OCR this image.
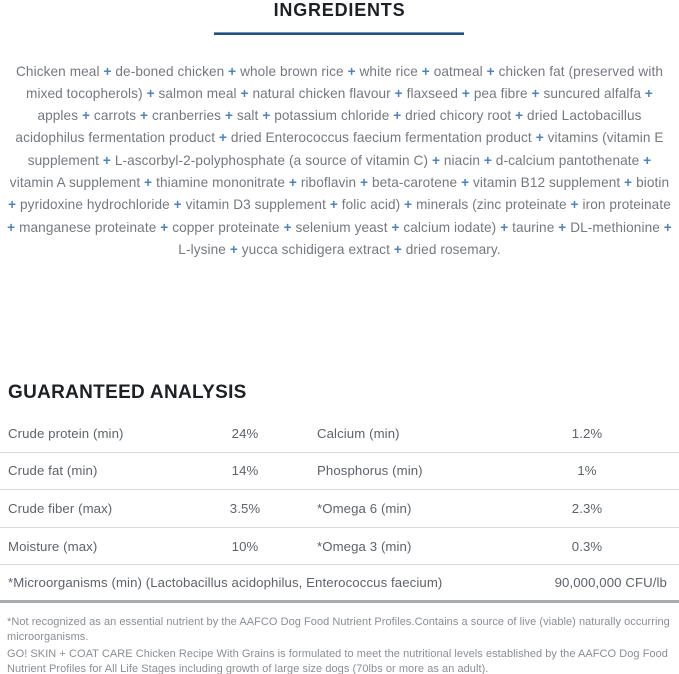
INGREDIENTS

Chicken meal + de-boned chicken + whole brown rice + white rice + oatmeal + chicken fat (preserved with mixed tocopherols) + salmon meal + natural chicken flavour + flaxseed + pea fibre + suncured alfalfa + apples + carrots + cranberries + salt + potassium chloride + dried chicory root + dried Lactobacillus acidophilus fermentation product + dried Enterococcus faecium fermentation product + vitamins (vitamin E supplement + L-ascorbyl-2-polyphosphate (a source of vitamin C) + niacin + d-calcium pantothenate + vitamin A supplement + thiamine mononitrate + riboflavin + beta-carotene + vitamin B12 supplement + biotin + pyridoxine hydrochloride + vitamin D3 supplement + folic acid) + minerals (zinc proteinate + iron proteinate + manganese proteinate + copper proteinate + selenium yeast + calcium iodate) + taurine + DL-methionine + L-lysine + yucca schidigera extract + dried rosemary.

GUARANTEED ANALYSIS
Crude protein (min)	24%	Calcium (min)	1.2%
Crude fat (min)	14%	Phosphorus (min)	1%
Crude fiber (max)	3.5%	*Omega 6 (min)	2.3%
Moisture (max)	10%	*Omega 3 (min)	0.3%
*Microorganisms (min) (Lactobacillus acidophilus, Enterococcus faecium)	90,000,000 CFU/lb
*Not recognized as an essential nutrient by the AAFCO Dog Food Nutrient Profiles.Contains a source of live (viable) naturally occurring microorganisms.
GO! SKIN + COAT CARE Chicken Recipe With Grains is formulated to meet the nutritional levels established by the AAFCO Dog Food Nutrient Profiles for All Life Stages including growth of large size dogs (70lbs or more as an adult).
